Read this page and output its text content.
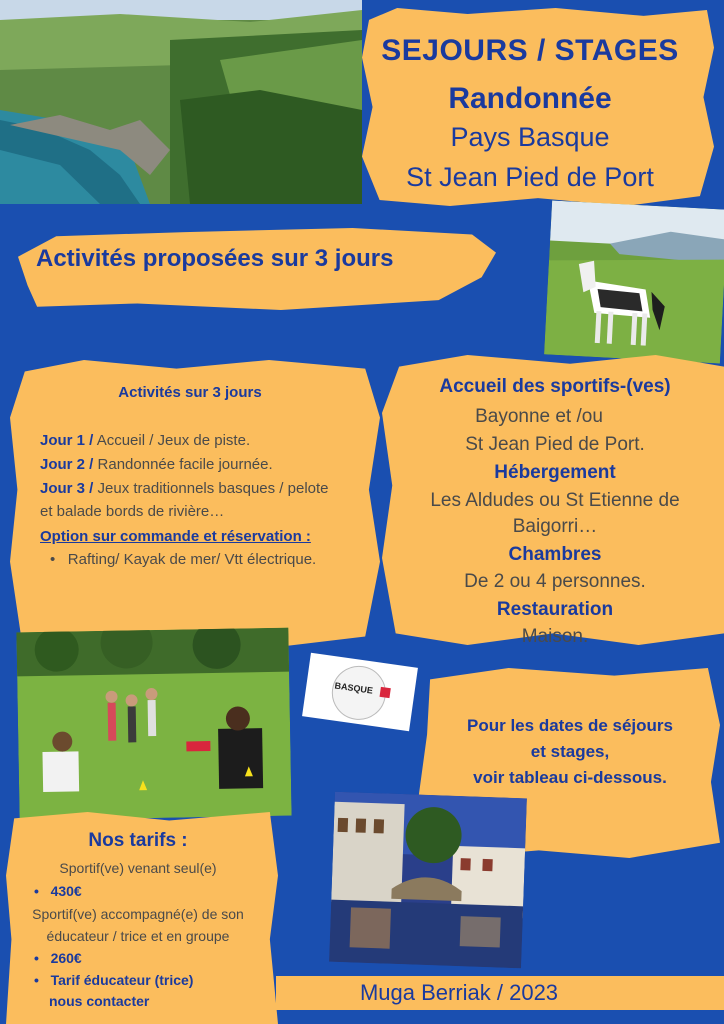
SEJOURS / STAGES
Randonnée
Pays Basque
St Jean Pied de Port
Activités proposées sur 3 jours
Activités sur 3 jours
Jour 1 / Accueil / Jeux de piste.
Jour 2 / Randonnée facile journée.
Jour 3 / Jeux traditionnels basques / pelote
et balade bords de rivière…
Option sur commande et réservation :
•   Rafting/ Kayak de mer/ Vtt électrique.
Accueil des sportifs-(ves)
Bayonne et /ou
St Jean Pied de Port.
Hébergement
Les Aldudes ou St Etienne de
Baigorri…
Chambres
De 2 ou 4 personnes.
Restauration
Maison.
BASQUE
Pour les dates de séjours
et stages,
voir tableau ci-dessous.
Nos tarifs :
Sportif(ve) venant seul(e)
•   430€
Sportif(ve) accompagné(e) de son
éducateur / trice et en groupe
•   260€
•   Tarif éducateur (trice)
nous contacter	Muga Berriak / 2023
